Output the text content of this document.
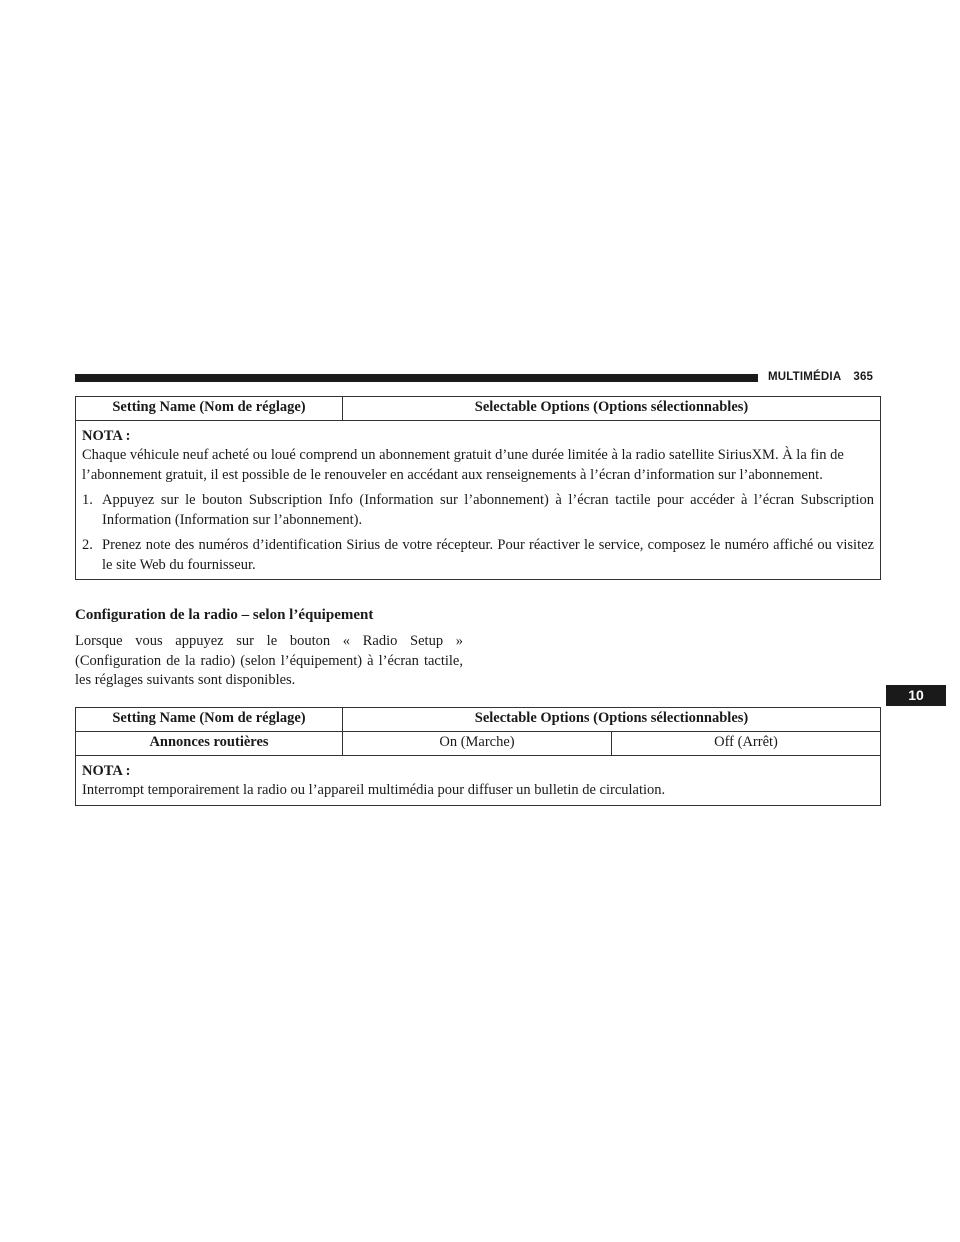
MULTIMÉDIA 365
10
Setting Name (Nom de réglage)	Selectable Options (Options sélectionnables)

NOTA :

Chaque véhicule neuf acheté ou loué comprend un abonnement gratuit d’une durée limitée à la radio satellite SiriusXM. À la fin de l’abonnement gratuit, il est possible de le renouveler en accédant aux renseignements à l’écran d’information sur l’abonnement.

1. Appuyez sur le bouton Subscription Info (Information sur l’abonnement) à l’écran tactile pour accéder à l’écran Subscription Information (Information sur l’abonnement).
2. Prenez note des numéros d’identification Sirius de votre récepteur. Pour réactiver le service, composez le numéro affiché ou visitez le site Web du fournisseur.
Configuration de la radio – selon l’équipement

Lorsque vous appuyez sur le bouton « Radio Setup » (Configuration de la radio) (selon l’équipement) à l’écran tactile, les réglages suivants sont disponibles.

Setting Name (Nom de réglage)	Selectable Options (Options sélectionnables)	
Annonces routières	On (Marche)	Off (Arrêt)

NOTA :

Interrompt temporairement la radio ou l’appareil multimédia pour diffuser un bulletin de circulation.		
